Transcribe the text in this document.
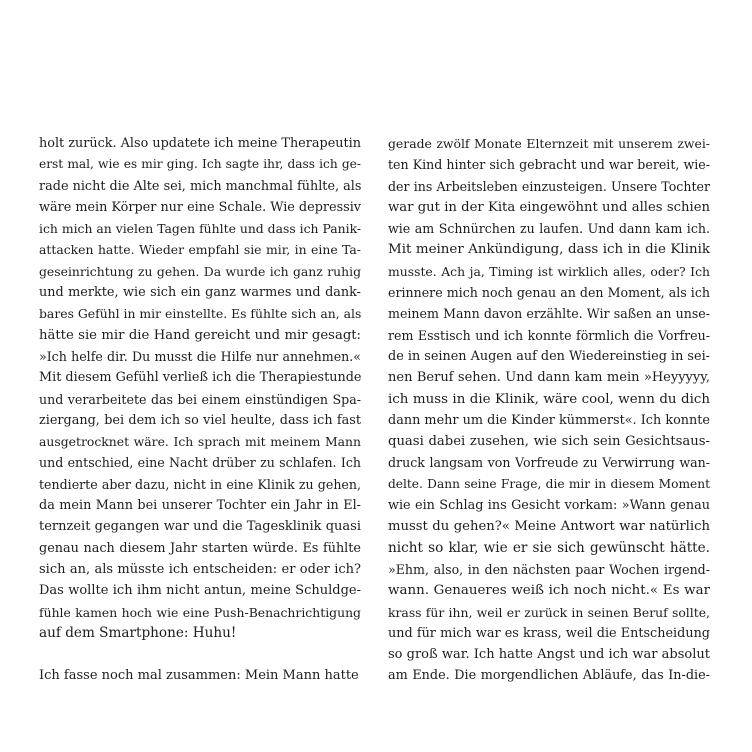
holt zurück. Also updatete ich meine Therapeutin
erst mal, wie es mir ging. Ich sagte ihr, dass ich ge-
rade nicht die Alte sei, mich manchmal fühlte, als
wäre mein Körper nur eine Schale. Wie depressiv
ich mich an vielen Tagen fühlte und dass ich Panik-
attacken hatte. Wieder empfahl sie mir, in eine Ta-
geseinrichtung zu gehen. Da wurde ich ganz ruhig
und merkte, wie sich ein ganz warmes und dank-
bares Gefühl in mir einstellte. Es fühlte sich an, als
hätte sie mir die Hand gereicht und mir gesagt:
»Ich helfe dir. Du musst die Hilfe nur annehmen.«
Mit diesem Gefühl verließ ich die Therapiestunde
und verarbeitete das bei einem einstündigen Spa-
ziergang, bei dem ich so viel heulte, dass ich fast
ausgetrocknet wäre. Ich sprach mit meinem Mann
und entschied, eine Nacht drüber zu schlafen. Ich
tendierte aber dazu, nicht in eine Klinik zu gehen,
da mein Mann bei unserer Tochter ein Jahr in El-
ternzeit gegangen war und die Tagesklinik quasi
genau nach diesem Jahr starten würde. Es fühlte
sich an, als müsste ich entscheiden: er oder ich?
Das wollte ich ihm nicht antun, meine Schuldge-
fühle kamen hoch wie eine Push-Benachrichtigung
auf dem Smartphone: Huhu!
Ich fasse noch mal zusammen: Mein Mann hatte
gerade zwölf Monate Elternzeit mit unserem zwei-
ten Kind hinter sich gebracht und war bereit, wie-
der ins Arbeitsleben einzusteigen. Unsere Tochter
war gut in der Kita eingewöhnt und alles schien
wie am Schnürchen zu laufen. Und dann kam ich.
Mit meiner Ankündigung, dass ich in die Klinik
musste. Ach ja, Timing ist wirklich alles, oder? Ich
erinnere mich noch genau an den Moment, als ich
meinem Mann davon erzählte. Wir saßen an unse-
rem Esstisch und ich konnte förmlich die Vorfreu-
de in seinen Augen auf den Wiedereinstieg in sei-
nen Beruf sehen. Und dann kam mein »Heyyyyy,
ich muss in die Klinik, wäre cool, wenn du dich
dann mehr um die Kinder kümmerst«. Ich konnte
quasi dabei zusehen, wie sich sein Gesichtsaus-
druck langsam von Vorfreude zu Verwirrung wan-
delte. Dann seine Frage, die mir in diesem Moment
wie ein Schlag ins Gesicht vorkam: »Wann genau
musst du gehen?« Meine Antwort war natürlich
nicht so klar, wie er sie sich gewünscht hätte.
»Ehm, also, in den nächsten paar Wochen irgend-
wann. Genaueres weiß ich noch nicht.« Es war
krass für ihn, weil er zurück in seinen Beruf sollte,
und für mich war es krass, weil die Entscheidung
so groß war. Ich hatte Angst und ich war absolut
am Ende. Die morgendlichen Abläufe, das In-die-
